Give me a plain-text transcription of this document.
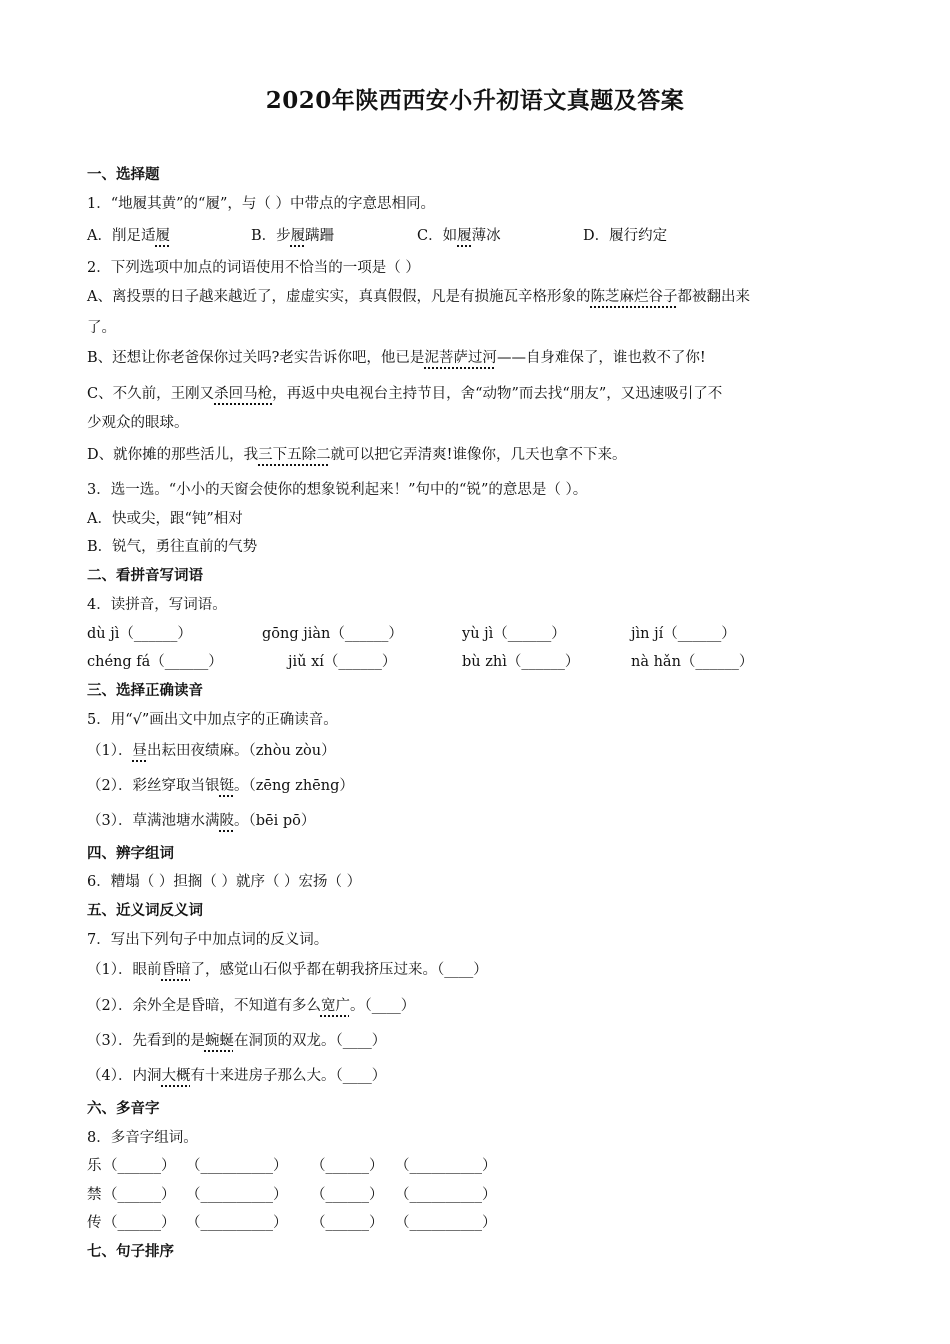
2020年陕西西安小升初语文真题及答案
一、选择题
1．“地履其黄”的“履”，与（ ）中带点的字意思相同。
A．削足适履	B．步履蹒跚	C．如履薄冰	D．履行约定
2．下列选项中加点的词语使用不恰当的一项是（ ）
A、离投票的日子越来越近了，虚虚实实，真真假假，凡是有损施瓦辛格形象的陈芝麻烂谷子都被翻出来
了。
B、还想让你老爸保你过关吗?老实告诉你吧，他已是泥菩萨过河——自身难保了，谁也救不了你!
C、不久前，王刚又杀回马枪，再返中央电视台主持节目，舍“动物”而去找“朋友”，又迅速吸引了不
少观众的眼球。
D、就你摊的那些活儿，我三下五除二就可以把它弄清爽!谁像你，几天也拿不下来。
3．选一选。“小小的天窗会使你的想象锐利起来！”句中的“锐”的意思是（ ）。
A．快或尖，跟“钝”相对
B．锐气，勇往直前的气势
二、看拼音写词语
4．读拼音，写词语。
dù jì（______）	gōng jiàn（______）	yù jì（______）	jìn jí（______）
chéng fá（______）	jiǔ xí（______）	bù zhì（______）	nà hǎn（______）
三、选择正确读音
5．用“√”画出文中加点字的正确读音。
（1）．昼出耘田夜绩麻。（zhòu zòu）
（2）．彩丝穿取当银铤。（zēng zhēng）
（3）．草满池塘水满陂。（bēi pō）
四、辨字组词
6．糟塌（ ）担搁（ ）就序（ ）宏扬（ ）
五、近义词反义词
7．写出下列句子中加点词的反义词。
（1）．眼前昏暗了，感觉山石似乎都在朝我挤压过来。（____）
（2）．余外全是昏暗，不知道有多么宽广。（____）
（3）．先看到的是蜿蜒在洞顶的双龙。（____）
（4）．内洞大概有十来进房子那么大。（____）
六、多音字
8．多音字组词。
乐 （______） （__________） （______） （__________）
禁 （______） （__________） （______） （__________）
传 （______） （__________） （______） （__________）
七、句子排序
